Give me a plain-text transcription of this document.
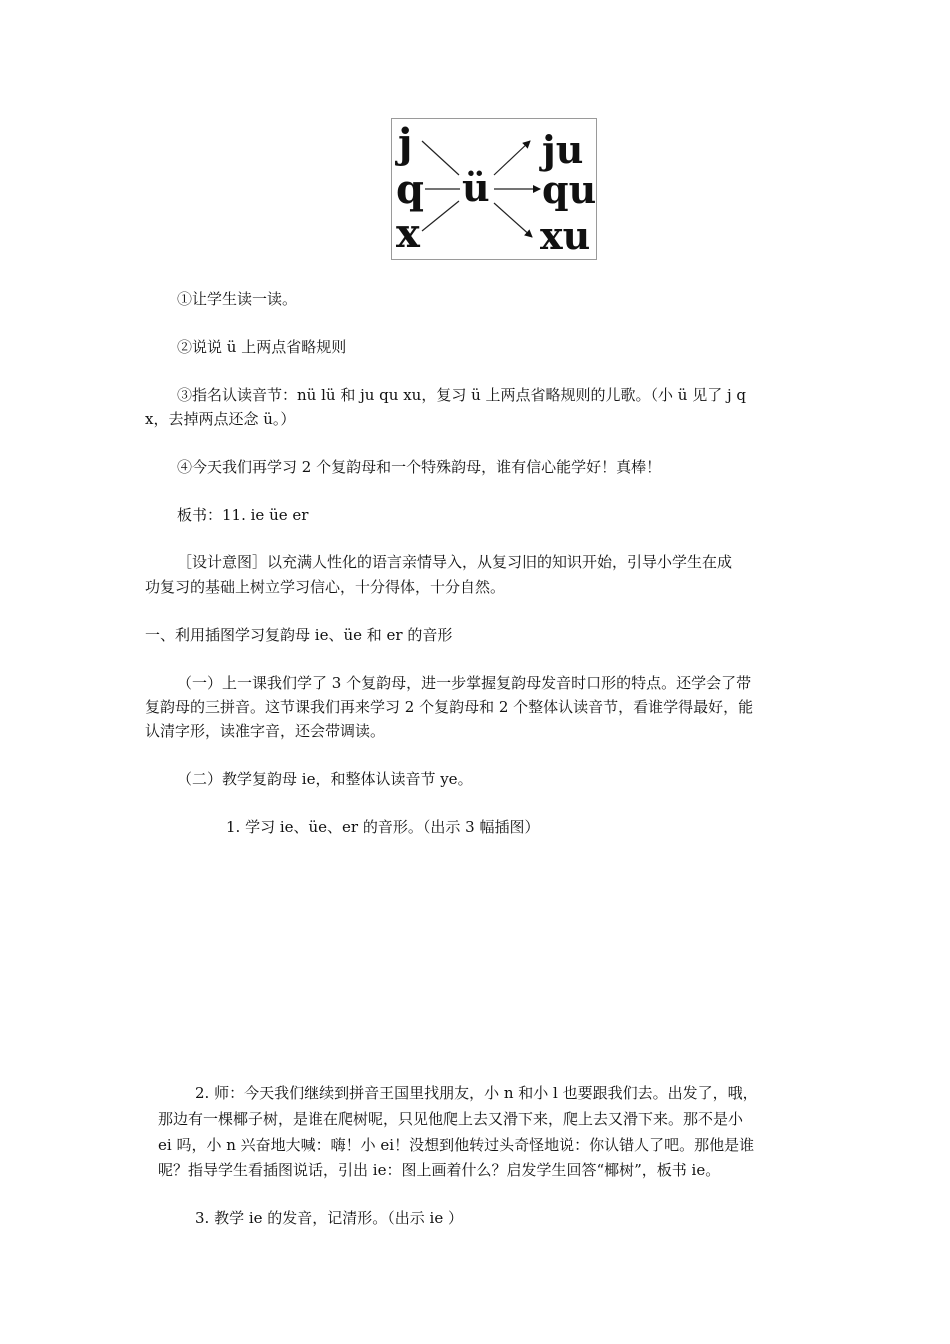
j
q
x
ü
ju
qu
xu

①让学生读一读。

②说说 ü 上两点省略规则

③指名认读音节：nü lü 和 ju qu xu，复习 ü 上两点省略规则的儿歌。（小 ü 见了 j q

x，去掉两点还念 ü。）

④今天我们再学习 2 个复韵母和一个特殊韵母，谁有信心能学好！真棒！

板书：11. ie üe er

［设计意图］以充满人性化的语言亲情导入，从复习旧的知识开始，引导小学生在成

功复习的基础上树立学习信心，十分得体，十分自然。

一、利用插图学习复韵母 ie、üe 和 er 的音形

（一）上一课我们学了 3 个复韵母，进一步掌握复韵母发音时口形的特点。还学会了带

复韵母的三拼音。这节课我们再来学习 2 个复韵母和 2 个整体认读音节，看谁学得最好，能

认清字形，读准字音，还会带调读。

（二）教学复韵母 ie，和整体认读音节 ye。

1. 学习 ie、üe、er 的音形。（出示 3 幅插图）

2. 师：今天我们继续到拼音王国里找朋友，小 n 和小 l 也要跟我们去。出发了，哦，

那边有一棵椰子树，是谁在爬树呢，只见他爬上去又滑下来，爬上去又滑下来。那不是小

ei 吗，小 n 兴奋地大喊：嗨！小 ei！没想到他转过头奇怪地说：你认错人了吧。那他是谁

呢？指导学生看插图说话，引出 ie：图上画着什么？启发学生回答“椰树”，板书 ie。

3. 教学 ie 的发音，记清形。（出示 ie ）
